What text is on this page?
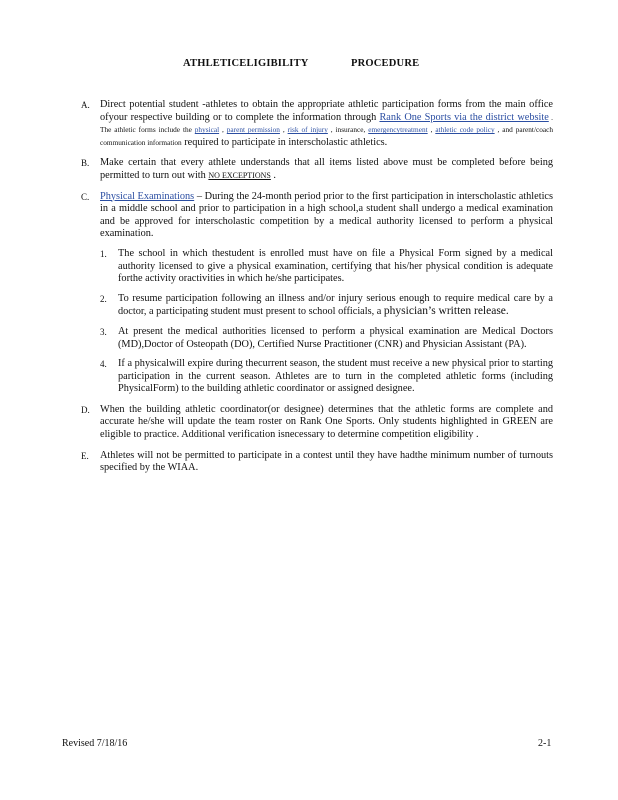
ATHLETICELIGIBILITY	PROCEDURE
A. Direct potential student -athletes to obtain the appropriate athletic participation forms from the main office ofyour respective building or to complete the information through Rank One Sports via the district website . The athletic forms include the physical , parent permission , risk of injury , insurance, emergencytreatment , athletic code policy , and parent/coach communication information required to participate in interscholastic athletics.
B. Make certain that every athlete understands that all items listed above must be completed before being permitted to turn out with NO EXCEPTIONS .
C. Physical Examinations – During the 24-month period prior to the first participation in interscholastic athletics in a middle school and prior to participation in a high school,a student shall undergo a medical examination and be approved for interscholastic competition by a medical authority licensed to perform a physical examination.
1. The school in which thestudent is enrolled must have on file a Physical Form signed by a medical authority licensed to give a physical examination, certifying that his/her physical condition is adequate forthe activity oractivities in which he/she participates.
2. To resume participation following an illness and/or injury serious enough to require medical care by a doctor, a participating student must present to school officials, a physician’s written release.
3. At present the medical authorities licensed to perform a physical examination are Medical Doctors (MD),Doctor of Osteopath (DO), Certified Nurse Practitioner (CNR) and Physician Assistant (PA).
4. If a physicalwill expire during thecurrent season, the student must receive a new physical prior to starting participation in the current season. Athletes are to turn in the completed athletic forms (including PhysicalForm) to the building athletic coordinator or assigned designee.
D. When the building athletic coordinator(or designee) determines that the athletic forms are complete and accurate he/she will update the team roster on Rank One Sports. Only students highlighted in GREEN are eligible to practice. Additional verification isnecessary to determine competition eligibility .
E. Athletes will not be permitted to participate in a contest until they have hadthe minimum number of turnouts specified by the WIAA.
Revised 7/18/16	2-1
